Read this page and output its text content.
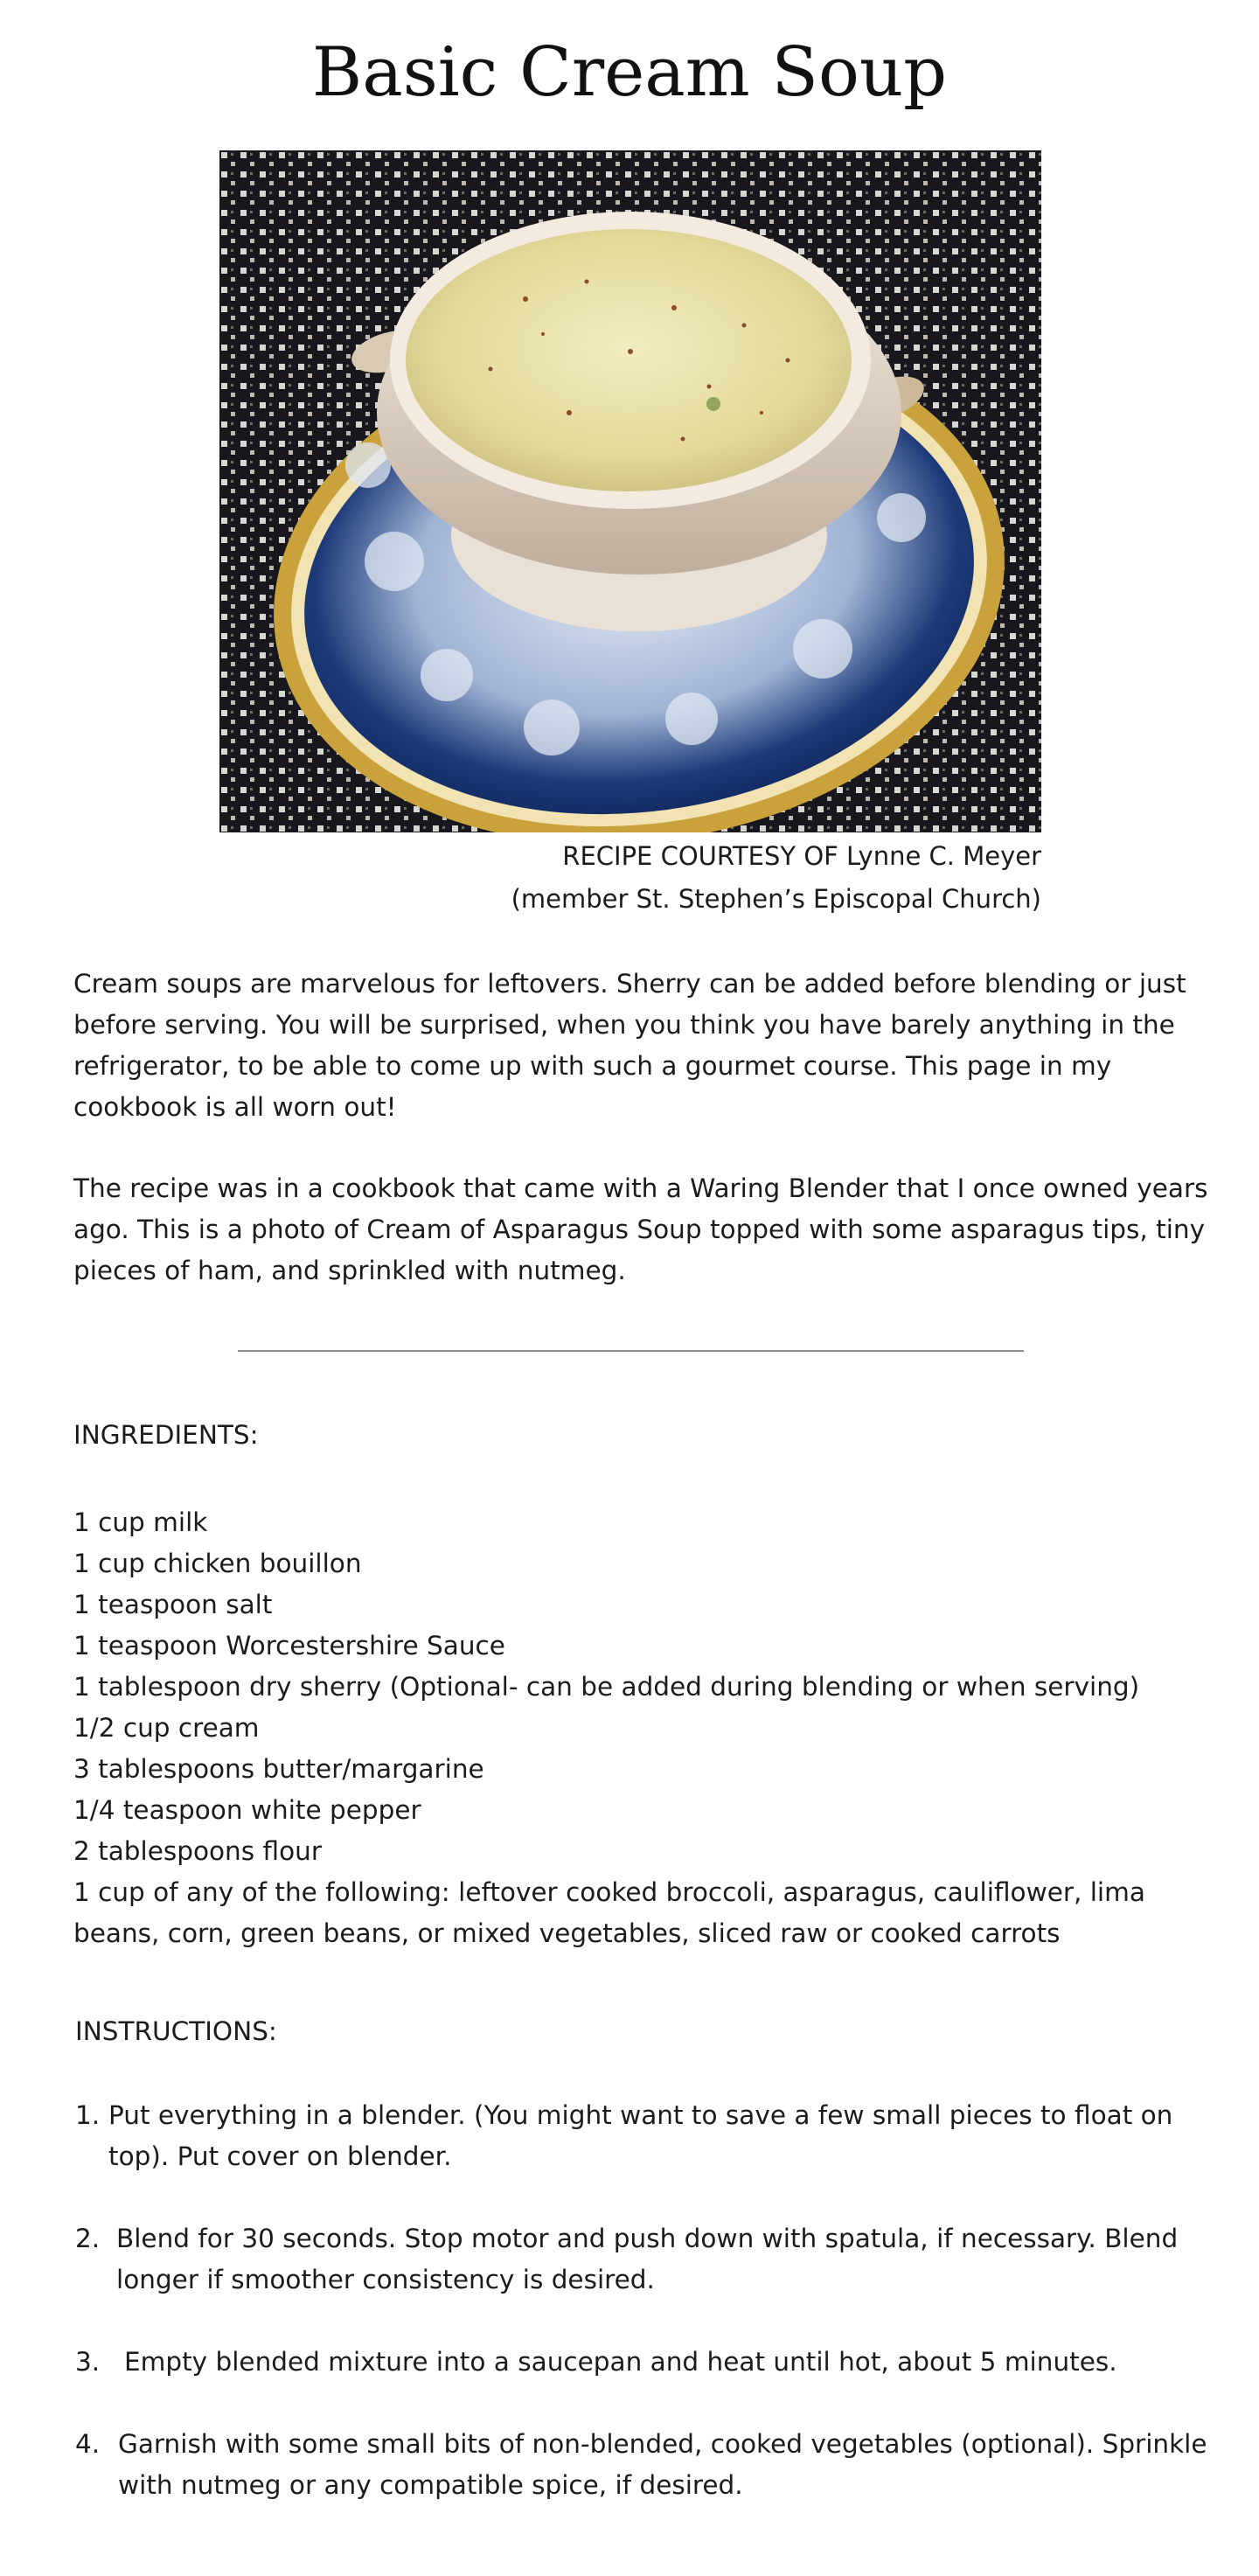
Basic Cream Soup
RECIPE COURTESY OF Lynne C. Meyer
(member St. Stephen’s Episcopal Church)

Cream soups are marvelous for leftovers. Sherry can be added before blending or just before serving. You will be surprised, when you think you have barely anything in the refrigerator, to be able to come up with such a gourmet course. This page in my cookbook is all worn out!

The recipe was in a cookbook that came with a Waring Blender that I once owned years ago. This is a photo of Cream of Asparagus Soup topped with some asparagus tips, tiny pieces of ham, and sprinkled with nutmeg.

INGREDIENTS:
1 cup milk
1 cup chicken bouillon
1 teaspoon salt
1 teaspoon Worcestershire Sauce
1 tablespoon dry sherry (Optional- can be added during blending or when serving)
1/2 cup cream
3 tablespoons butter/margarine
1/4 teaspoon white pepper
2 tablespoons flour
1 cup of any of the following: leftover cooked broccoli, asparagus, cauliflower, lima beans, corn, green beans, or mixed vegetables, sliced raw or cooked carrots
INSTRUCTIONS:
1. Put everything in a blender. (You might want to save a few small pieces to float on top). Put cover on blender.
2. Blend for 30 seconds. Stop motor and push down with spatula, if necessary. Blend longer if smoother consistency is desired.
3. Empty blended mixture into a saucepan and heat until hot, about 5 minutes.
4. Garnish with some small bits of non-blended, cooked vegetables (optional). Sprinkle with nutmeg or any compatible spice, if desired.
